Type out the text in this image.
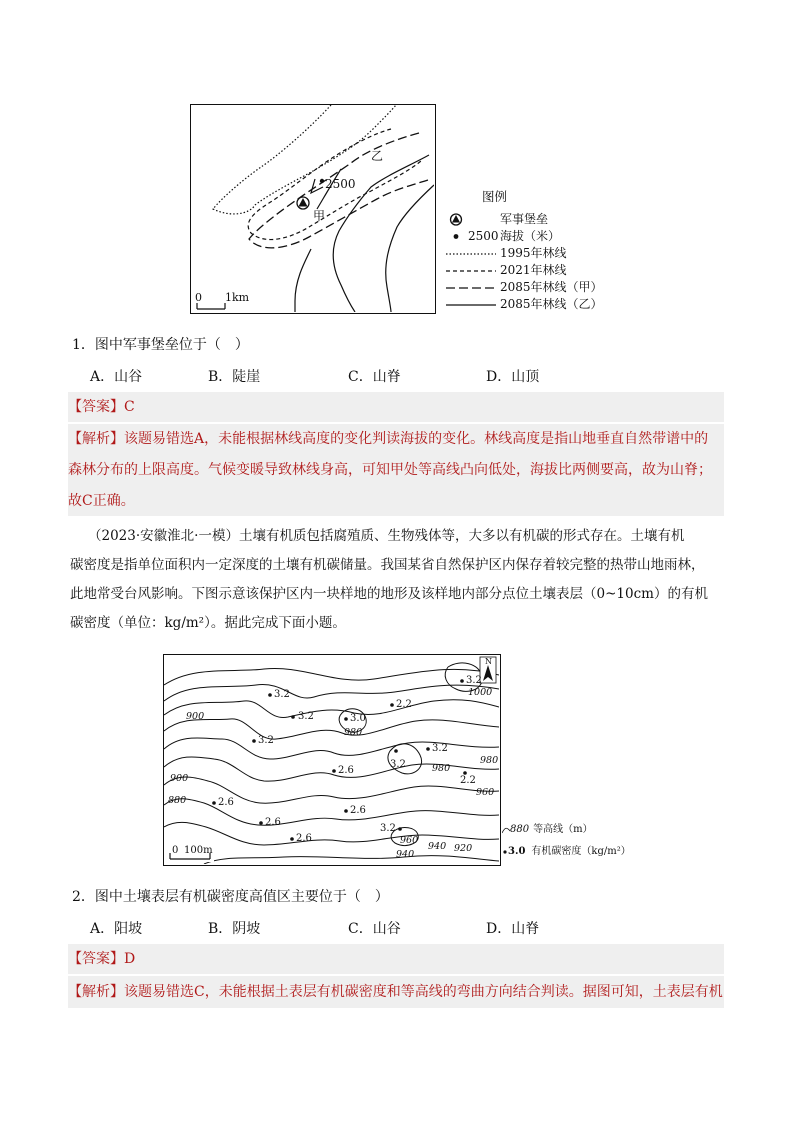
乙
2500
甲
0 1km
图例
军事堡垒
2500 海拔（米）
1995年林线
2021年林线
2085年林线（甲）
2085年林线（乙）
1．图中军事堡垒位于（　）
A．山谷	B．陡崖	C．山脊	D．山顶
【答案】C
【解析】该题易错选A，未能根据林线高度的变化判读海拔的变化。林线高度是指山地垂直自然带谱中的
森林分布的上限高度。气候变暖导致林线身高，可知甲处等高线凸向低处，海拔比两侧要高，故为山脊；
故C正确。
（2023·安徽淮北·一模）土壤有机质包括腐殖质、生物残体等，大多以有机碳的形式存在。土壤有机
碳密度是指单位面积内一定深度的土壤有机碳储量。我国某省自然保护区内保存着较完整的热带山地雨林，
此地常受台风影响。下图示意该保护区内一块样地的地形及该样地内部分点位土壤表层（0~10cm）的有机
碳密度（单位：kg/m²）。据此完成下面小题。
N
0 100m
900
900
880
980
980
1000
960
940
920
940
960
980
3.2
3.2	3.0
2.2
3.2
2.6
3.2
3.2
2.2
2.6
2.6
2.6
2.6
3.2
3.2
880 等高线（m）
3.0 有机碳密度（kg/m²）
2．图中土壤表层有机碳密度高值区主要位于（　）
A．阳坡	B．阴坡	C．山谷	D．山脊
【答案】D
【解析】该题易错选C，未能根据土表层有机碳密度和等高线的弯曲方向结合判读。据图可知，土表层有机
